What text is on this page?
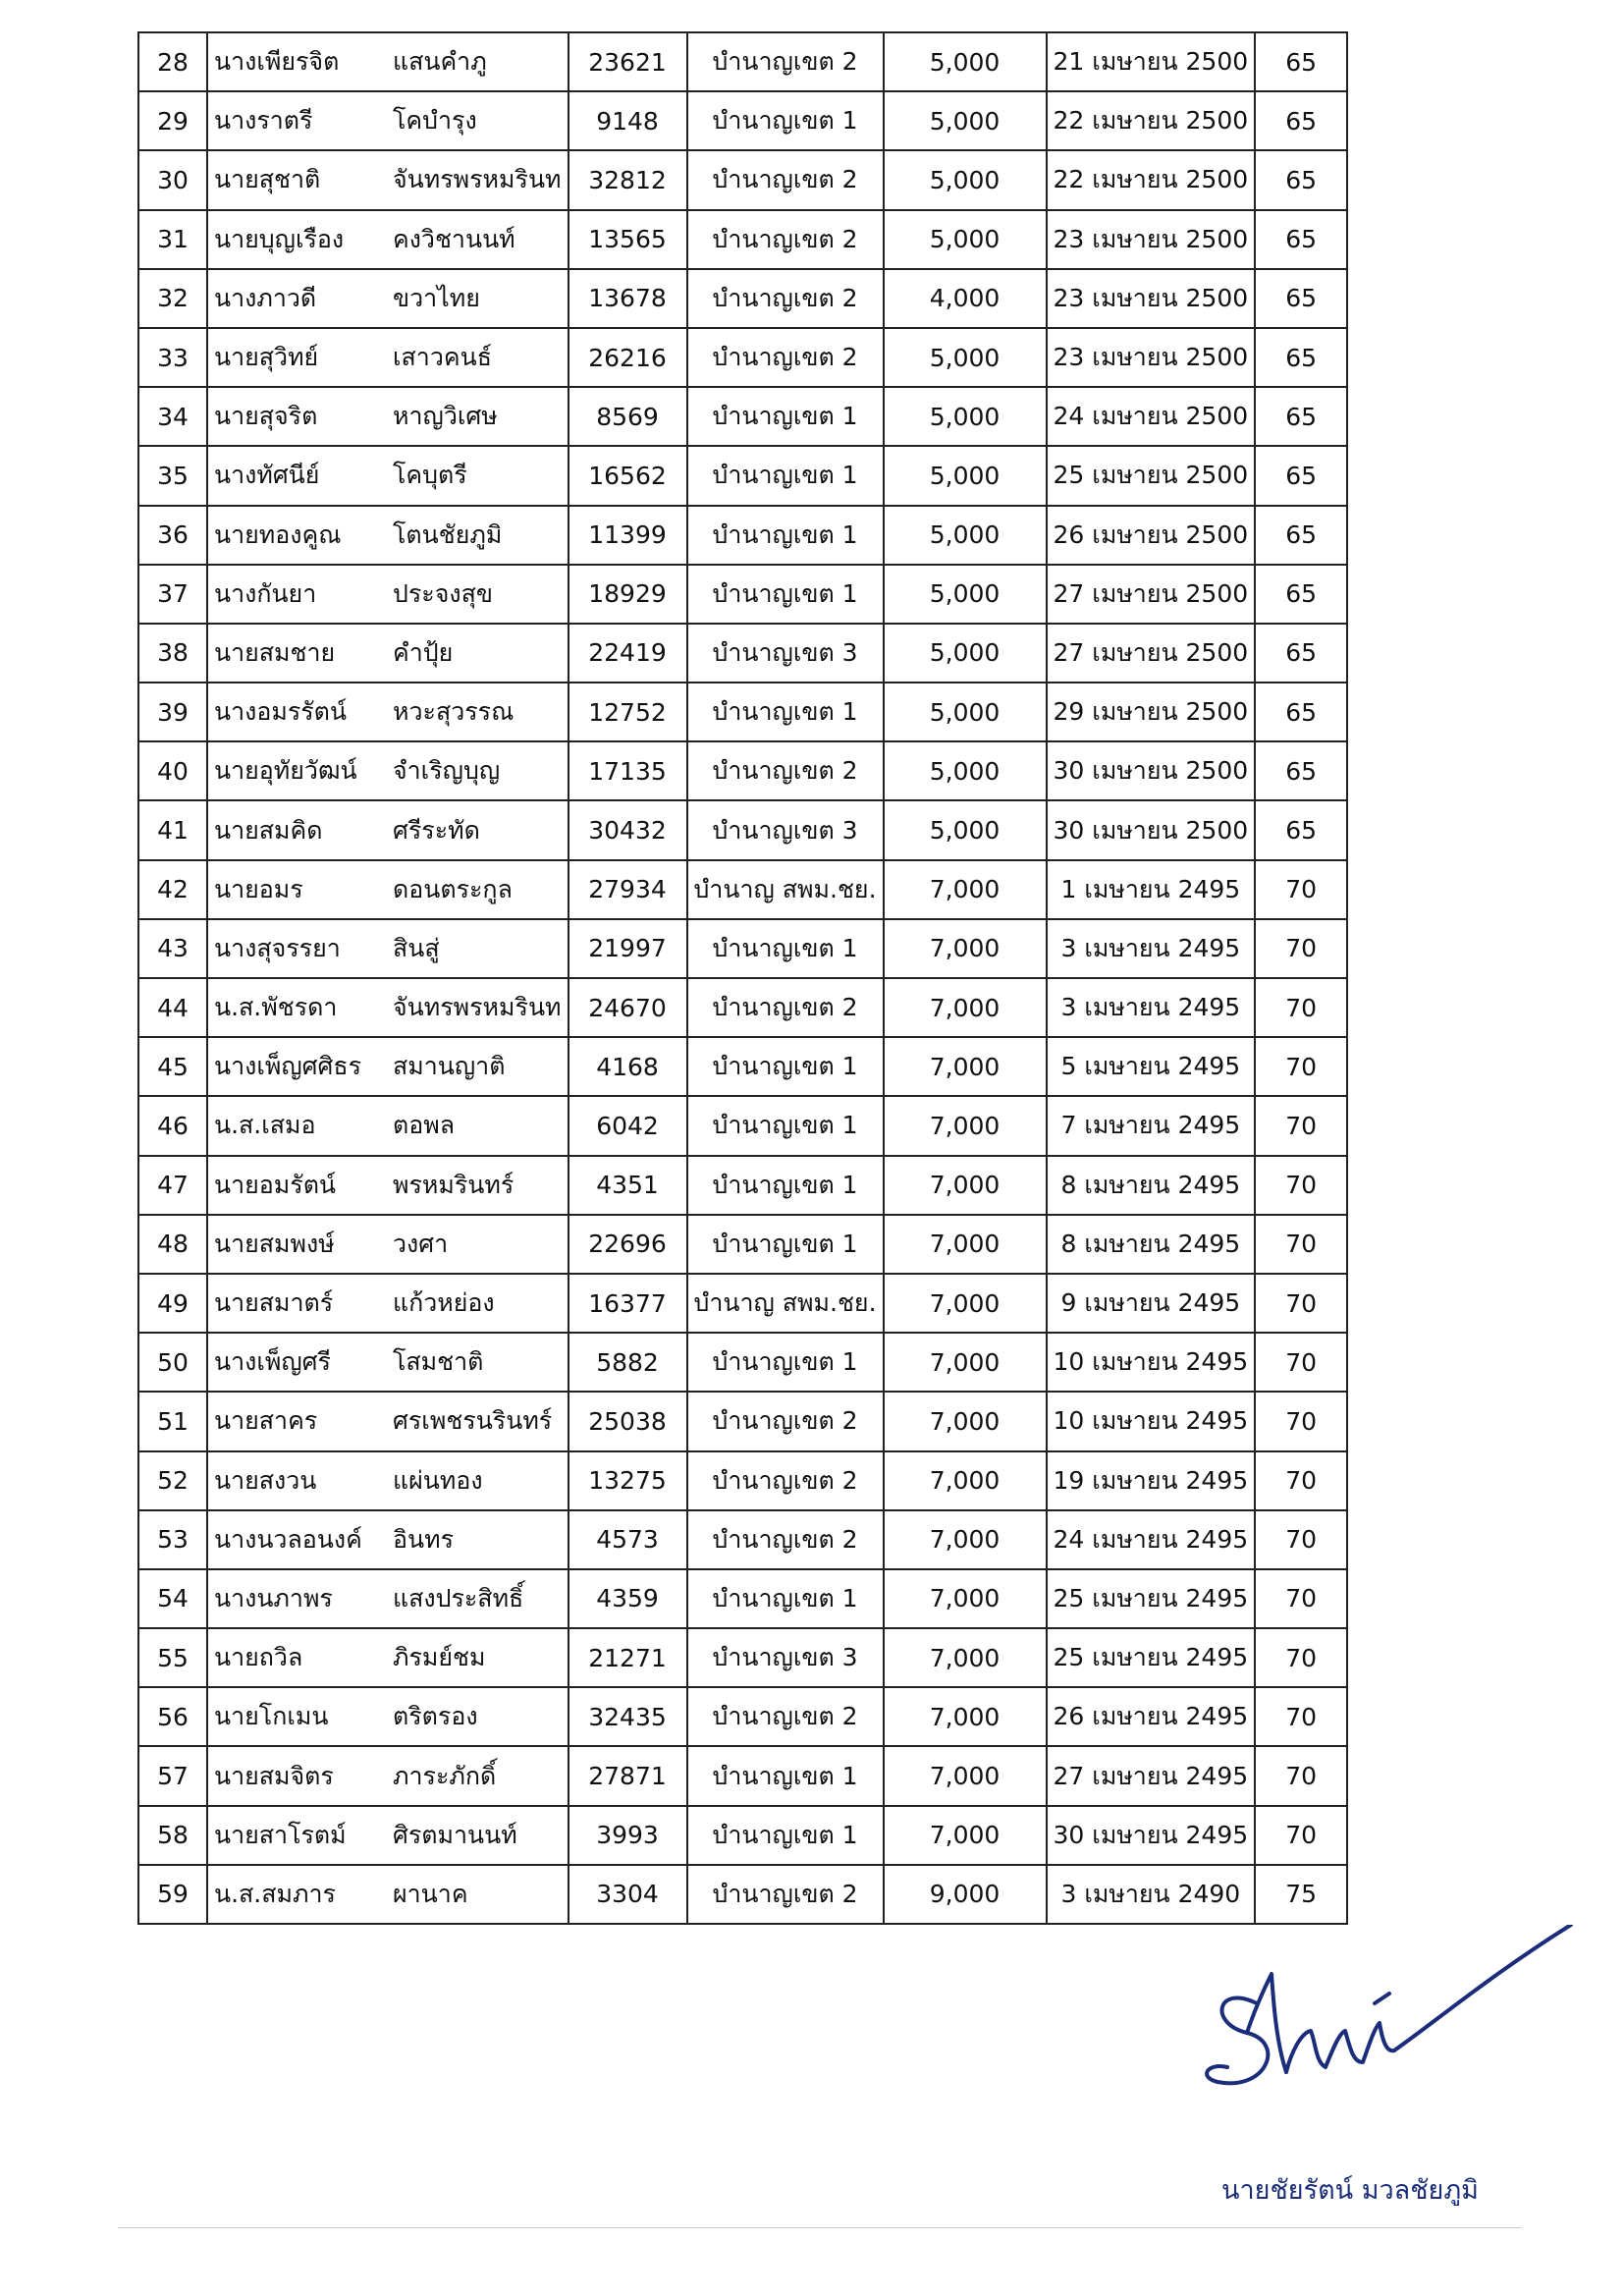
28	นางเพียรจิต	แสนคำภู	23621	บำนาญเขต 2	5,000	21 เมษายน 2500	65
29	นางราตรี	โคบำรุง	9148	บำนาญเขต 1	5,000	22 เมษายน 2500	65
30	นายสุชาติ	จันทรพรหมรินท	32812	บำนาญเขต 2	5,000	22 เมษายน 2500	65
31	นายบุญเรือง	คงวิชานนท์	13565	บำนาญเขต 2	5,000	23 เมษายน 2500	65
32	นางภาวดี	ขวาไทย	13678	บำนาญเขต 2	4,000	23 เมษายน 2500	65
33	นายสุวิทย์	เสาวคนธ์	26216	บำนาญเขต 2	5,000	23 เมษายน 2500	65
34	นายสุจริต	หาญวิเศษ	8569	บำนาญเขต 1	5,000	24 เมษายน 2500	65
35	นางทัศนีย์	โคบุตรี	16562	บำนาญเขต 1	5,000	25 เมษายน 2500	65
36	นายทองคูณ	โตนชัยภูมิ	11399	บำนาญเขต 1	5,000	26 เมษายน 2500	65
37	นางกันยา	ประจงสุข	18929	บำนาญเขต 1	5,000	27 เมษายน 2500	65
38	นายสมชาย	คำปุ้ย	22419	บำนาญเขต 3	5,000	27 เมษายน 2500	65
39	นางอมรรัตน์	หวะสุวรรณ	12752	บำนาญเขต 1	5,000	29 เมษายน 2500	65
40	นายอุทัยวัฒน์	จำเริญบุญ	17135	บำนาญเขต 2	5,000	30 เมษายน 2500	65
41	นายสมคิด	ศรีระทัด	30432	บำนาญเขต 3	5,000	30 เมษายน 2500	65
42	นายอมร	ดอนตระกูล	27934	บำนาญ สพม.ชย.	7,000	1 เมษายน 2495	70
43	นางสุจรรยา	สินสู่	21997	บำนาญเขต 1	7,000	3 เมษายน 2495	70
44	น.ส.พัชรดา	จันทรพรหมรินท	24670	บำนาญเขต 2	7,000	3 เมษายน 2495	70
45	นางเพ็ญศศิธร	สมานญาติ	4168	บำนาญเขต 1	7,000	5 เมษายน 2495	70
46	น.ส.เสมอ	ตอพล	6042	บำนาญเขต 1	7,000	7 เมษายน 2495	70
47	นายอมรัตน์	พรหมรินทร์	4351	บำนาญเขต 1	7,000	8 เมษายน 2495	70
48	นายสมพงษ์	วงศา	22696	บำนาญเขต 1	7,000	8 เมษายน 2495	70
49	นายสมาตร์	แก้วหย่อง	16377	บำนาญ สพม.ชย.	7,000	9 เมษายน 2495	70
50	นางเพ็ญศรี	โสมชาติ	5882	บำนาญเขต 1	7,000	10 เมษายน 2495	70
51	นายสาคร	ศรเพชรนรินทร์	25038	บำนาญเขต 2	7,000	10 เมษายน 2495	70
52	นายสงวน	แผ่นทอง	13275	บำนาญเขต 2	7,000	19 เมษายน 2495	70
53	นางนวลอนงค์	อินทร	4573	บำนาญเขต 2	7,000	24 เมษายน 2495	70
54	นางนภาพร	แสงประสิทธิ์	4359	บำนาญเขต 1	7,000	25 เมษายน 2495	70
55	นายถวิล	ภิรมย์ชม	21271	บำนาญเขต 3	7,000	25 เมษายน 2495	70
56	นายโกเมน	ตริตรอง	32435	บำนาญเขต 2	7,000	26 เมษายน 2495	70
57	นายสมจิตร	ภาระภักดิ์	27871	บำนาญเขต 1	7,000	27 เมษายน 2495	70
58	นายสาโรตม์	ศิรตมานนท์	3993	บำนาญเขต 1	7,000	30 เมษายน 2495	70
59	น.ส.สมภาร	ผานาค	3304	บำนาญเขต 2	9,000	3 เมษายน 2490	75
นายชัยรัตน์ มวลชัยภูมิ
